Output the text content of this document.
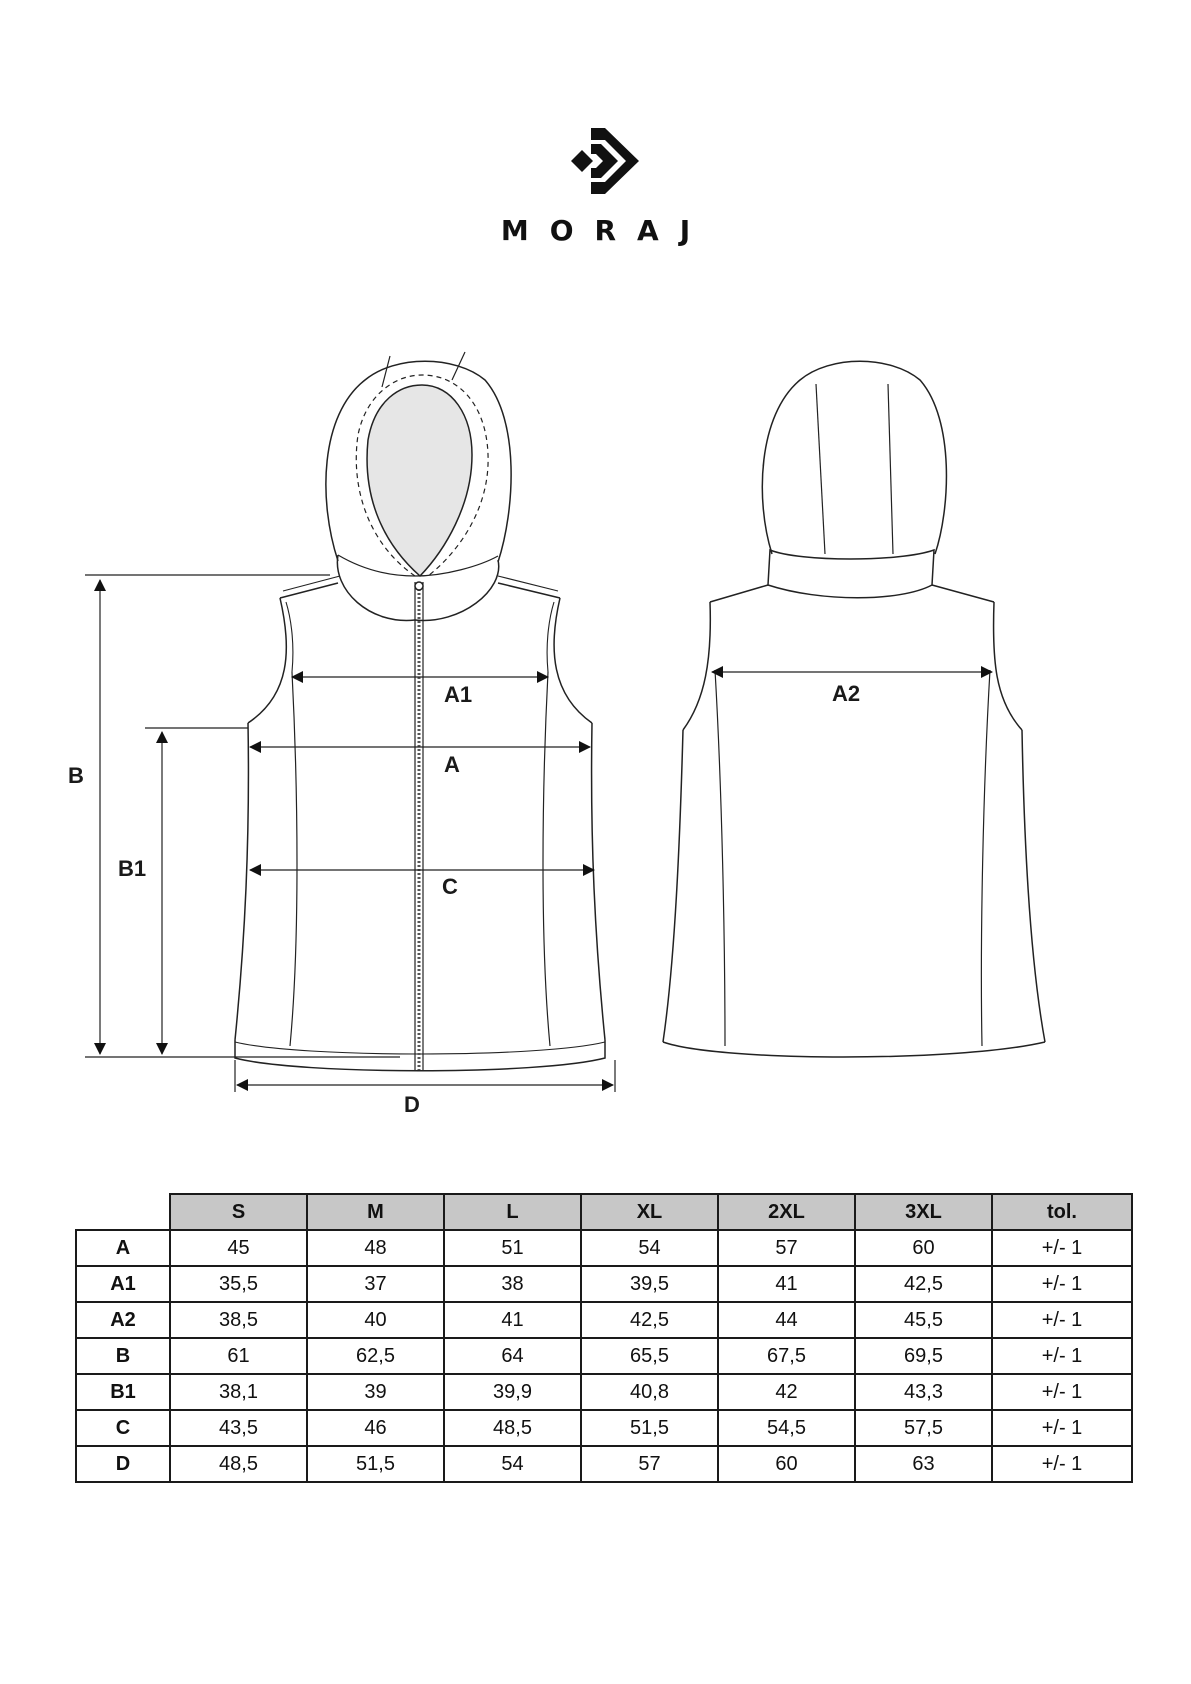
MORAJ
B
B1
A1
A
C
D
A2
	S	M	L	XL	2XL	3XL	tol.
A	45	48	51	54	57	60	+/- 1
A1	35,5	37	38	39,5	41	42,5	+/- 1
A2	38,5	40	41	42,5	44	45,5	+/- 1
B	61	62,5	64	65,5	67,5	69,5	+/- 1
B1	38,1	39	39,9	40,8	42	43,3	+/- 1
C	43,5	46	48,5	51,5	54,5	57,5	+/- 1
D	48,5	51,5	54	57	60	63	+/- 1
